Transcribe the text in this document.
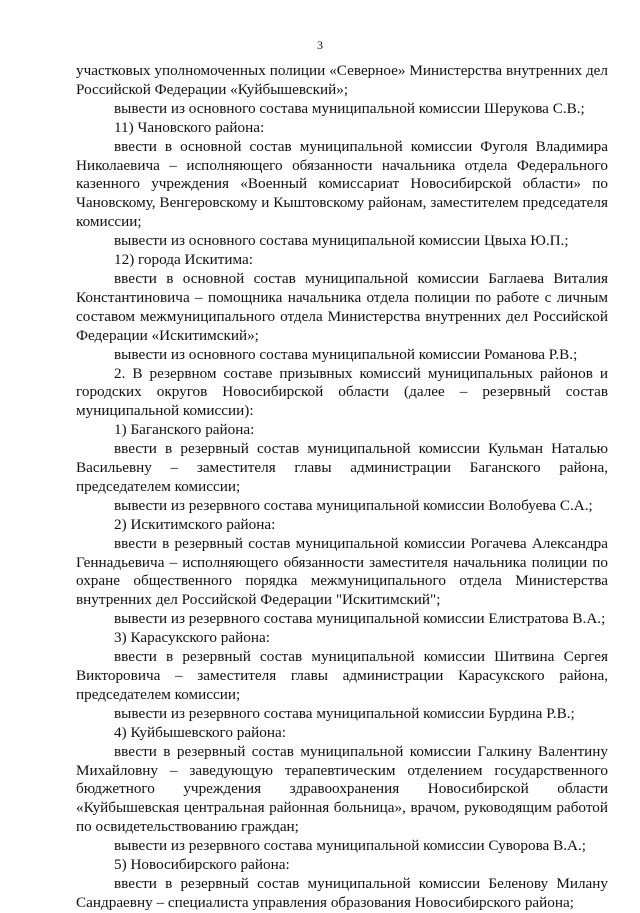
3

участковых уполномоченных полиции «Северное» Министерства внутренних дел Российской Федерации «Куйбышевский»;

вывести из основного состава муниципальной комиссии Шерукова С.В.;

11) Чановского района:

ввести в основной состав муниципальной комиссии Фуголя Владимира Николаевича – исполняющего обязанности начальника отдела Федерального казенного учреждения «Военный комиссариат Новосибирской области» по Чановскому, Венгеровскому и Кыштовскому районам, заместителем председателя комиссии;

вывести из основного состава муниципальной комиссии Цвыха Ю.П.;

12) города Искитима:

ввести в основной состав муниципальной комиссии Баглаева Виталия Константиновича – помощника начальника отдела полиции по работе с личным составом межмуниципального отдела Министерства внутренних дел Российской Федерации «Искитимский»;

вывести из основного состава муниципальной комиссии Романова Р.В.;

2. В резервном составе призывных комиссий муниципальных районов и городских округов Новосибирской области (далее – резервный состав муниципальной комиссии):

1) Баганского района:

ввести в резервный состав муниципальной комиссии Кульман Наталью Васильевну – заместителя главы администрации Баганского района, председателем комиссии;

вывести из резервного состава муниципальной комиссии Волобуева С.А.;

2) Искитимского района:

ввести в резервный состав муниципальной комиссии Рогачева Александра Геннадьевича – исполняющего обязанности заместителя начальника полиции по охране общественного порядка межмуниципального отдела Министерства внутренних дел Российской Федерации "Искитимский";

вывести из резервного состава муниципальной комиссии Елистратова В.А.;

3) Карасукского района:

ввести в резервный состав муниципальной комиссии Шитвина Сергея Викторовича – заместителя главы администрации Карасукского района, председателем комиссии;

вывести из резервного состава муниципальной комиссии Бурдина Р.В.;

4) Куйбышевского района:

ввести в резервный состав муниципальной комиссии Галкину Валентину Михайловну – заведующую терапевтическим отделением государственного бюджетного учреждения здравоохранения Новосибирской области «Куйбышевская центральная районная больница», врачом, руководящим работой по освидетельствованию граждан;

вывести из резервного состава муниципальной комиссии Суворова В.А.;

5) Новосибирского района:

ввести в резервный состав муниципальной комиссии Беленову Милану Сандраевну – специалиста управления образования Новосибирского района;
